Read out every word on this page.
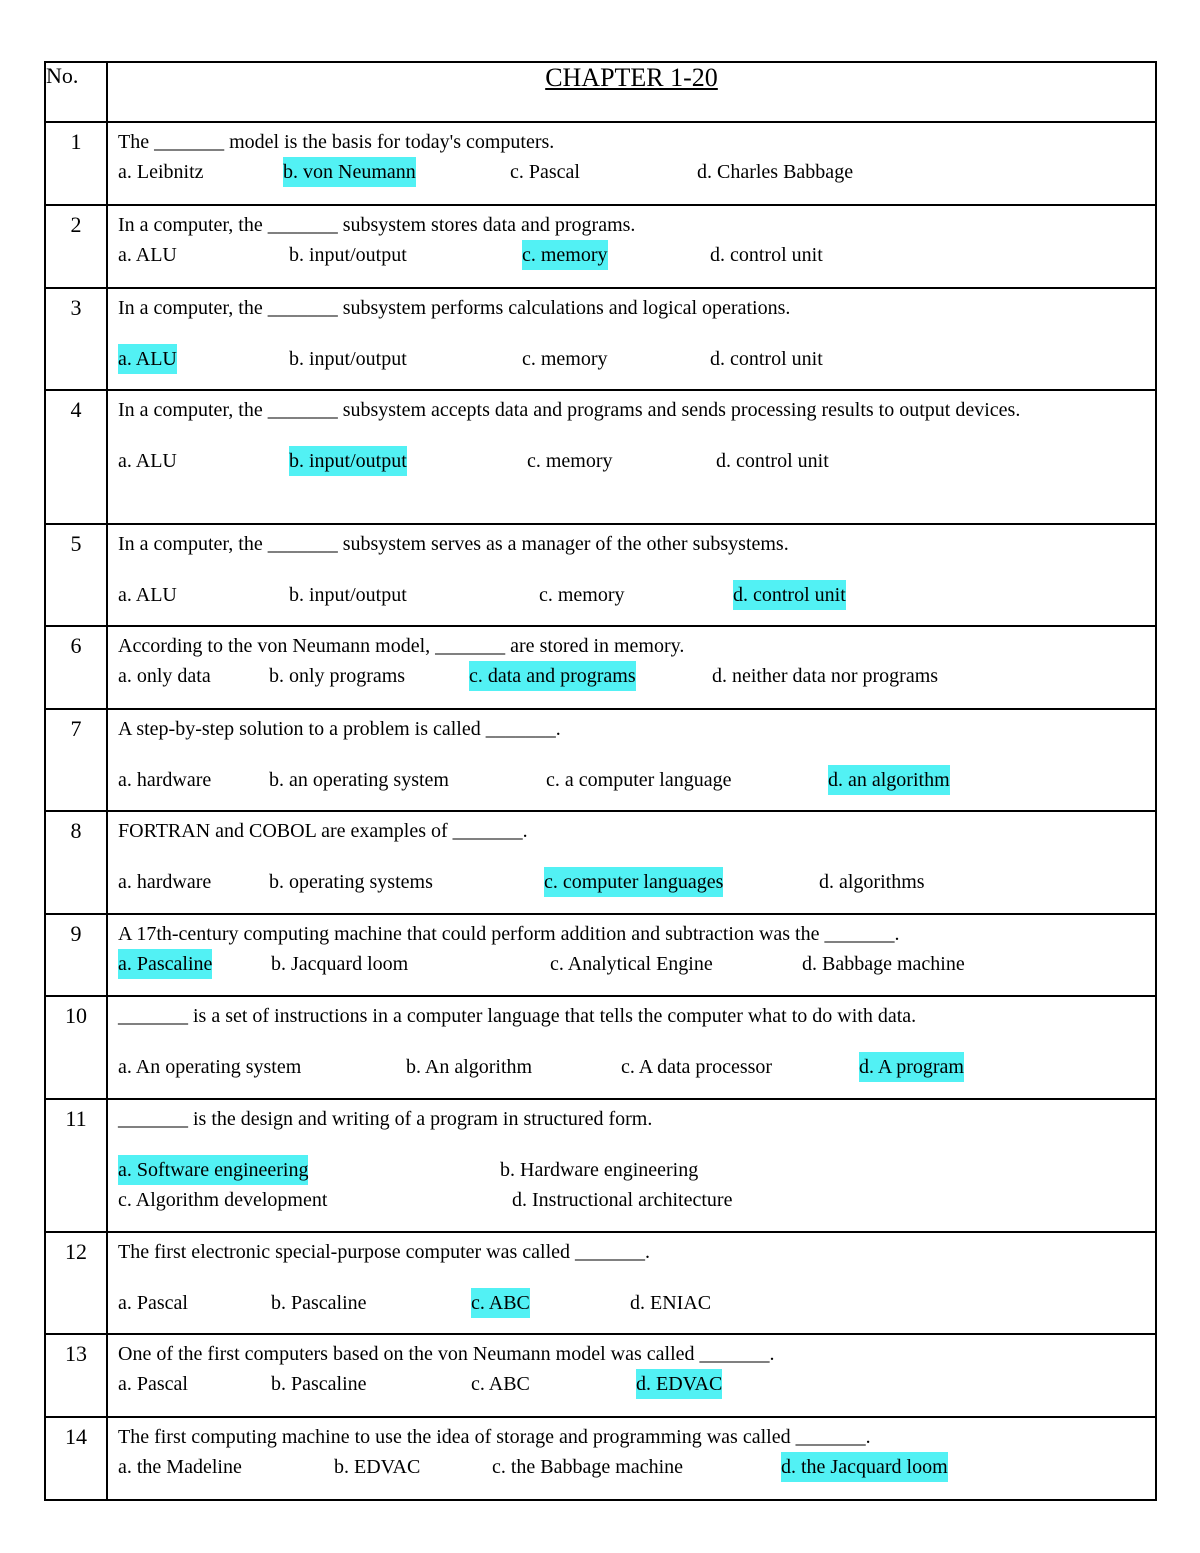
No.	CHAPTER 1-20
1	The _______ model is the basis for today's computers.
a. Leibnitz b. von Neumann c. Pascal d. Charles Babbage

2	In a computer, the _______ subsystem stores data and programs.
a. ALU b. input/output c. memory d. control unit

3	In a computer, the _______ subsystem performs calculations and logical operations.
a. ALU b. input/output c. memory d. control unit

4	In a computer, the _______ subsystem accepts data and programs and sends processing results to output devices.
a. ALU b. input/output c. memory d. control unit

5	In a computer, the _______ subsystem serves as a manager of the other subsystems.
a. ALU b. input/output c. memory d. control unit

6	According to the von Neumann model, _______ are stored in memory.
a. only data b. only programs c. data and programs d. neither data nor programs

7	A step-by-step solution to a problem is called _______.
a. hardware b. an operating system c. a computer language d. an algorithm

8	FORTRAN and COBOL are examples of _______.
a. hardware b. operating systems c. computer languages d. algorithms

9	A 17th-century computing machine that could perform addition and subtraction was the _______.
a. Pascaline b. Jacquard loom c. Analytical Engine d. Babbage machine

10	_______ is a set of instructions in a computer language that tells the computer what to do with data.
a. An operating system b. An algorithm c. A data processor d. A program

11	_______ is the design and writing of a program in structured form.
a. Software engineering b. Hardware engineering
c. Algorithm development d. Instructional architecture

12	The first electronic special-purpose computer was called _______.
a. Pascal b. Pascaline c. ABC d. ENIAC

13	One of the first computers based on the von Neumann model was called _______.
a. Pascal b. Pascaline c. ABC d. EDVAC

14	The first computing machine to use the idea of storage and programming was called _______.
a. the Madeline b. EDVAC c. the Babbage machine d. the Jacquard loom
